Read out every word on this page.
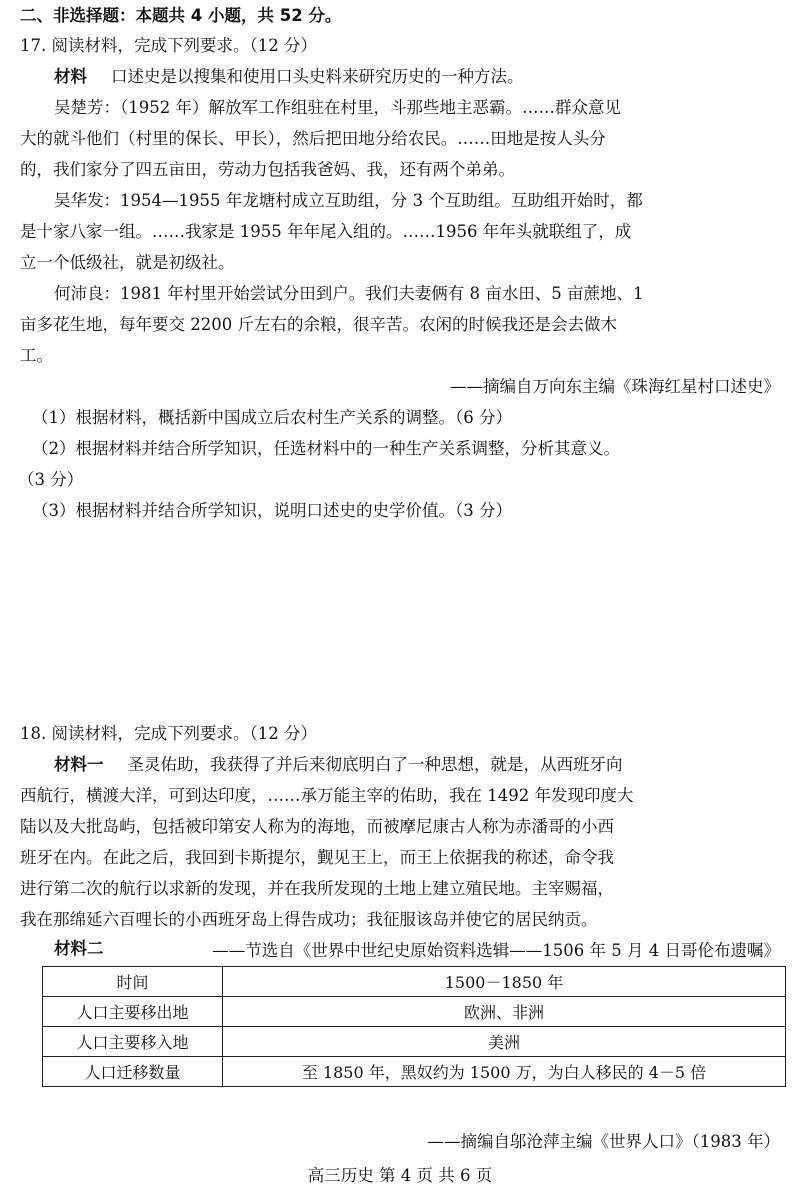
二、非选择题：本题共 4 小题，共 52 分。
17. 阅读材料，完成下列要求。（12 分）
材料 口述史是以搜集和使用口头史料来研究历史的一种方法。
吴楚芳：（1952 年）解放军工作组驻在村里，斗那些地主恶霸。……群众意见
大的就斗他们（村里的保长、甲长），然后把田地分给农民。……田地是按人头分
的，我们家分了四五亩田，劳动力包括我爸妈、我，还有两个弟弟。
吴华发：1954—1955 年龙塘村成立互助组，分 3 个互助组。互助组开始时，都
是十家八家一组。……我家是 1955 年年尾入组的。……1956 年年头就联组了，成
立一个低级社，就是初级社。
何沛良：1981 年村里开始尝试分田到户。我们夫妻俩有 8 亩水田、5 亩蔗地、1
亩多花生地，每年要交 2200 斤左右的余粮，很辛苦。农闲的时候我还是会去做木
工。
——摘编自万向东主编《珠海红星村口述史》
（1）根据材料，概括新中国成立后农村生产关系的调整。（6 分）
（2）根据材料并结合所学知识，任选材料中的一种生产关系调整，分析其意义。
（3 分）
（3）根据材料并结合所学知识，说明口述史的史学价值。（3 分）
18. 阅读材料，完成下列要求。（12 分）
材料一 圣灵佑助，我获得了并后来彻底明白了一种思想，就是，从西班牙向
西航行，横渡大洋，可到达印度，……承万能主宰的佑助，我在 1492 年发现印度大
陆以及大批岛屿，包括被印第安人称为的海地，而被摩尼康古人称为赤潘哥的小西
班牙在内。在此之后，我回到卡斯提尔，觐见王上，而王上依据我的称述，命令我
进行第二次的航行以求新的发现，并在我所发现的土地上建立殖民地。主宰赐福，
我在那绵延六百哩长的小西班牙岛上得告成功；我征服该岛并使它的居民纳贡。
——节选自《世界中世纪史原始资料选辑——1506 年 5 月 4 日哥伦布遗嘱》
材料二
时间	1500－1850 年
人口主要移出地	欧洲、非洲
人口主要移入地	美洲
人口迁移数量	至 1850 年，黑奴约为 1500 万，为白人移民的 4－5 倍
——摘编自邬沧萍主编《世界人口》（1983 年）
高三历史 第 4 页 共 6 页
